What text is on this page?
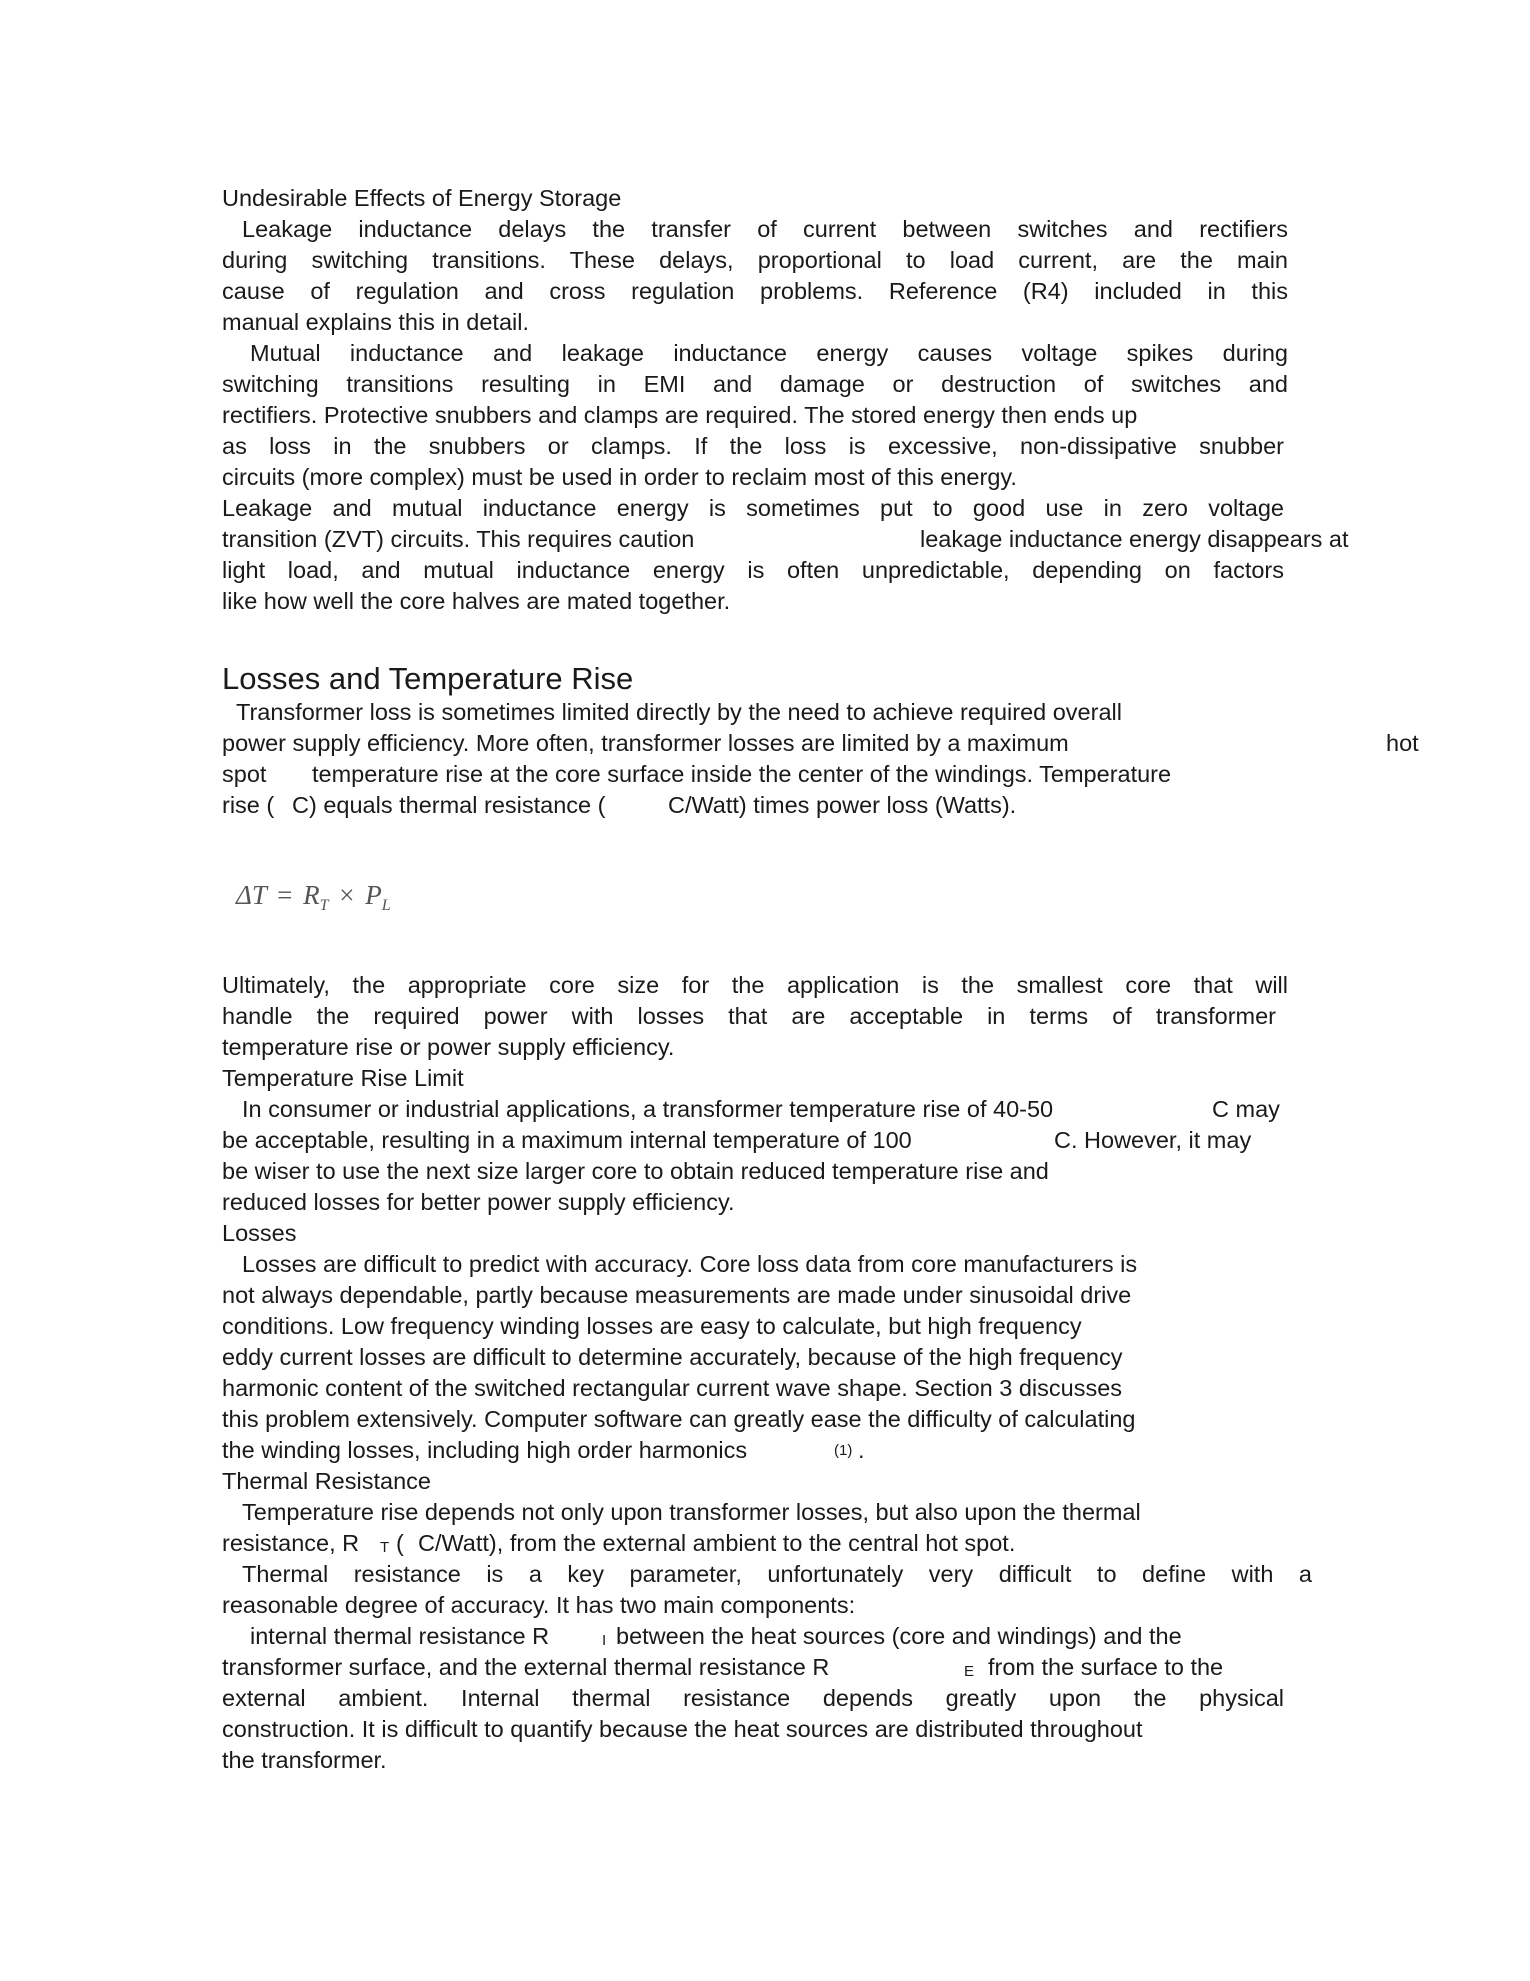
Undesirable Effects of Energy Storage
Leakage inductance delays the transfer of current between switches and rectifiers
during switching transitions. These delays, proportional to load current, are the main
cause of regulation and cross regulation problems. Reference (R4) included in this
manual explains this in detail.
Mutual inductance and leakage inductance energy causes voltage spikes during
switching transitions resulting in EMI and damage or destruction of switches and
rectifiers. Protective snubbers and clamps are required. The stored energy then ends up
as loss in the snubbers or clamps. If the loss is excessive, non-dissipative snubber
circuits (more complex) must be used in order to reclaim most of this energy.
Leakage and mutual inductance energy is sometimes put to good use in zero voltage
transition (ZVT) circuits. This requires caution	leakage inductance energy disappears at
light load, and mutual inductance energy is often unpredictable, depending on factors
like how well the core halves are mated together.
Losses and Temperature Rise
Transformer loss is sometimes limited directly by the need to achieve required overall
power supply efficiency. More often, transformer losses are limited by a maximum	hot
spot temperature rise at the core surface inside the center of the windings. Temperature
rise ( C) equals thermal resistance (	C/Watt) times power loss (Watts).
$\Delta T = R_T \times P_L$
Ultimately, the appropriate core size for the application is the smallest core that will
handle the required power with losses that are acceptable in terms of transformer
temperature rise or power supply efficiency.
Temperature Rise Limit
In consumer or industrial applications, a transformer temperature rise of 40-50	C may
be acceptable, resulting in a maximum internal temperature of 100	C. However, it may
be wiser to use the next size larger core to obtain reduced temperature rise and
reduced losses for better power supply efficiency.
Losses
Losses are difficult to predict with accuracy. Core loss data from core manufacturers is
not always dependable, partly because measurements are made under sinusoidal drive
conditions. Low frequency winding losses are easy to calculate, but high frequency
eddy current losses are difficult to determine accurately, because of the high frequency
harmonic content of the switched rectangular current wave shape. Section 3 discusses
this problem extensively. Computer software can greatly ease the difficulty of calculating
the winding losses, including high order harmonics	(1) .
Thermal Resistance
Temperature rise depends not only upon transformer losses, but also upon the thermal
resistance, R T ( C/Watt), from the external ambient to the central hot spot.
Thermal resistance is a key parameter, unfortunately very difficult to define with a
reasonable degree of accuracy. It has two main components:
internal thermal resistance R	I between the heat sources (core and windings) and the
transformer surface, and the external thermal resistance R	E from the surface to the
external ambient. Internal thermal resistance depends greatly upon the physical
construction. It is difficult to quantify because the heat sources are distributed throughout
the transformer.
